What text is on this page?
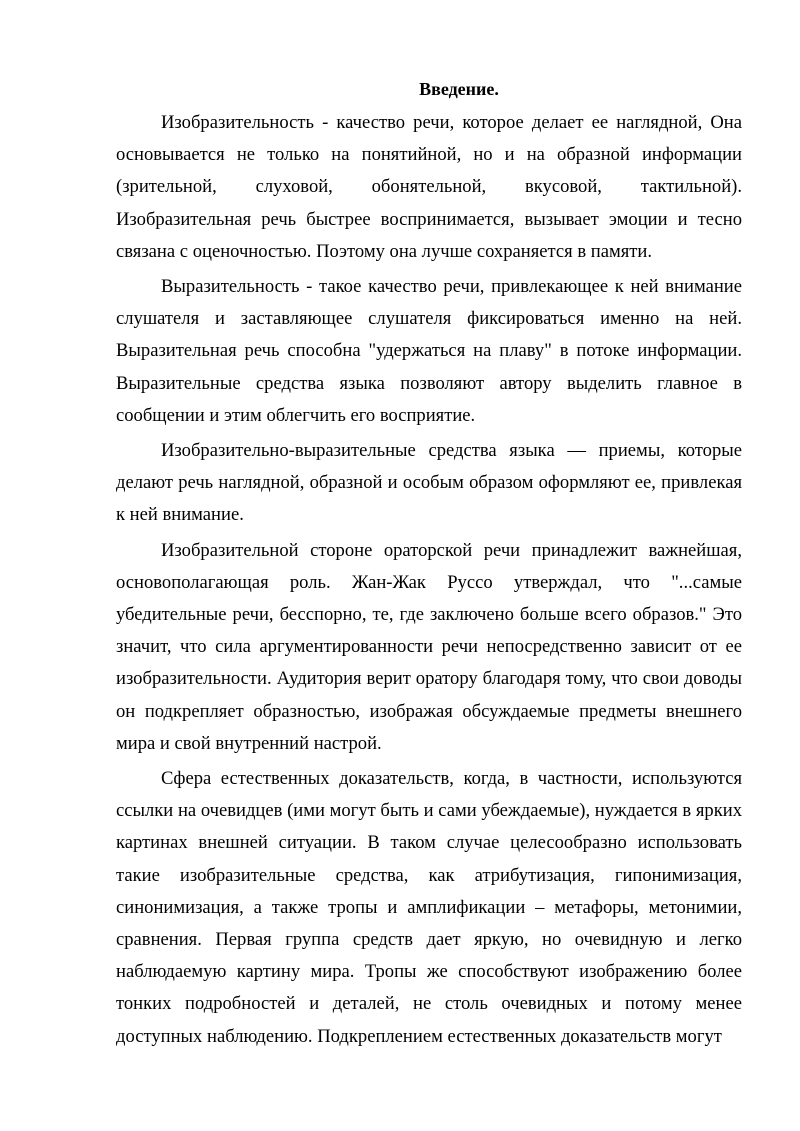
Введение.

Изобразительность - качество речи, которое делает ее наглядной, Она основывается не только на понятийной, но и на образной информации (зрительной, слуховой, обонятельной, вкусовой, тактильной). Изобразительная речь быстрее воспринимается, вызывает эмоции и тесно связана с оценочностью. Поэтому она лучше сохраняется в памяти.

Выразительность - такое качество речи, привлекающее к ней внимание слушателя и заставляющее слушателя фиксироваться именно на ней. Выразительная речь способна "удержаться на плаву" в потоке информации. Выразительные средства языка позволяют автору выделить главное в сообщении и этим облегчить его восприятие.

Изобразительно-выразительные средства языка — приемы, которые делают речь наглядной, образной и особым образом оформляют ее, привлекая к ней внимание.

Изобразительной стороне ораторской речи принадлежит важнейшая, основополагающая роль. Жан-Жак Руссо утверждал, что "...самые убедительные речи, бесспорно, те, где заключено больше всего образов." Это значит, что сила аргументированности речи непосредственно зависит от ее изобразительности. Аудитория верит оратору благодаря тому, что свои доводы он подкрепляет образностью, изображая обсуждаемые предметы внешнего мира и свой внутренний настрой.

Сфера естественных доказательств, когда, в частности, используются ссылки на очевидцев (ими могут быть и сами убеждаемые), нуждается в ярких картинах внешней ситуации. В таком случае целесообразно использовать такие изобразительные средства, как атрибутизация, гипонимизация, синонимизация, а также тропы и амплификации – метафоры, метонимии, сравнения. Первая группа средств дает яркую, но очевидную и легко наблюдаемую картину мира. Тропы же способствуют изображению более тонких подробностей и деталей, не столь очевидных и потому менее доступных наблюдению. Подкреплением естественных доказательств могут
